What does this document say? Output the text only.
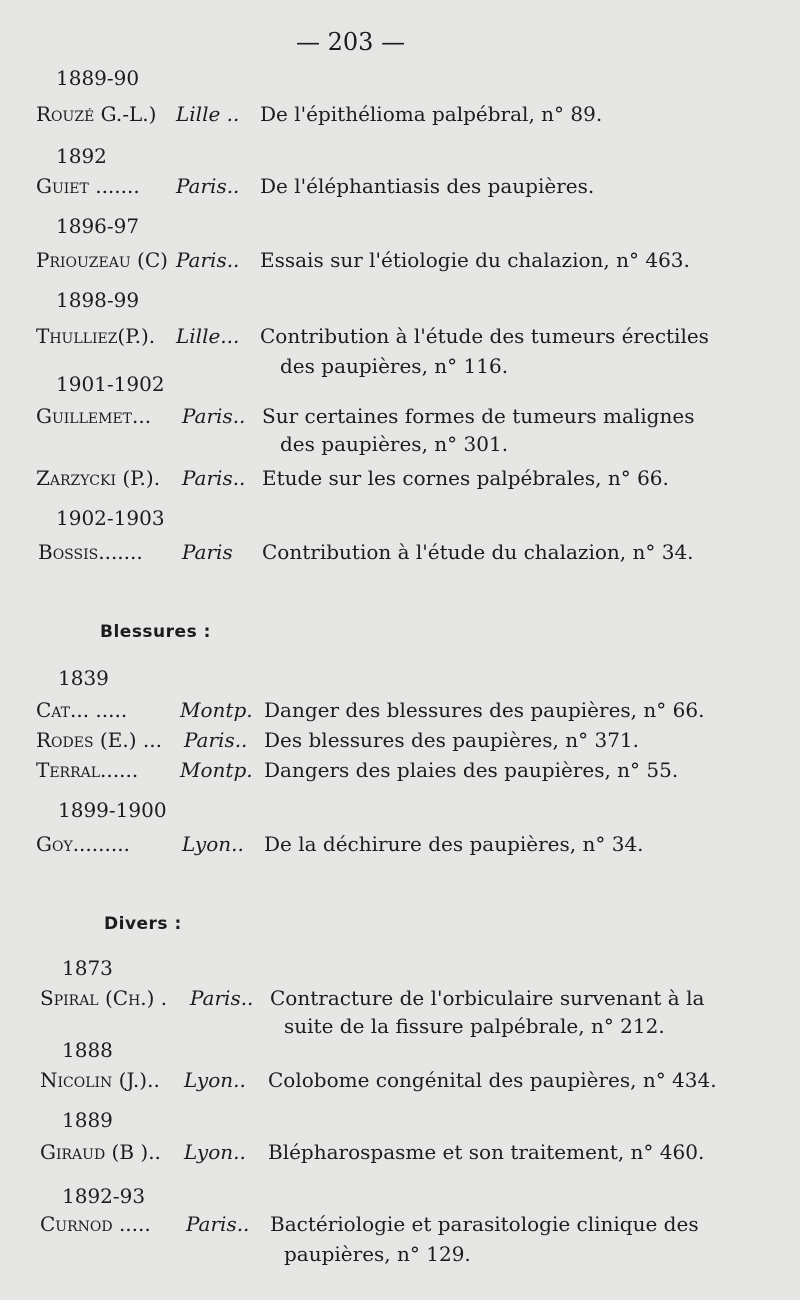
— 203 —
1889-90
Rouzé G.-L.) Lille .. De l'épithélioma palpébral, n° 89.
1892
Guiet ....... Paris.. De l'éléphantiasis des paupières.
1896-97
Priouzeau (C) Paris.. Essais sur l'étiologie du chalazion, n° 463.
1898-99
Thulliez(P.). Lille... Contribution à l'étude des tumeurs érectiles
des paupières, n° 116.
1901-1902
Guillemet... Paris.. Sur certaines formes de tumeurs malignes
des paupières, n° 301.
Zarzycki (P.). Paris.. Etude sur les cornes palpébrales, n° 66.
1902-1903
Bossis....... Paris Contribution à l'étude du chalazion, n° 34.
Blessures :
1839
Cat... .....	Montp. Danger des blessures des paupières, n° 66.
Rodes (E.) ... Paris.. Des blessures des paupières, n° 371.
Terral...... Montp. Dangers des plaies des paupières, n° 55.
1899-1900
Goy.........	Lyon.. De la déchirure des paupières, n° 34.
Divers :
1873
Spiral (Ch.) . Paris.. Contracture de l'orbiculaire survenant à la
suite de la fissure palpébrale, n° 212.
1888
Nicolin (J.).. Lyon.. Colobome congénital des paupières, n° 434.
1889
Giraud (B ).. Lyon.. Blépharospasme et son traitement, n° 460.
1892-93
Curnod ..... Paris.. Bactériologie et parasitologie clinique des
paupières, n° 129.
